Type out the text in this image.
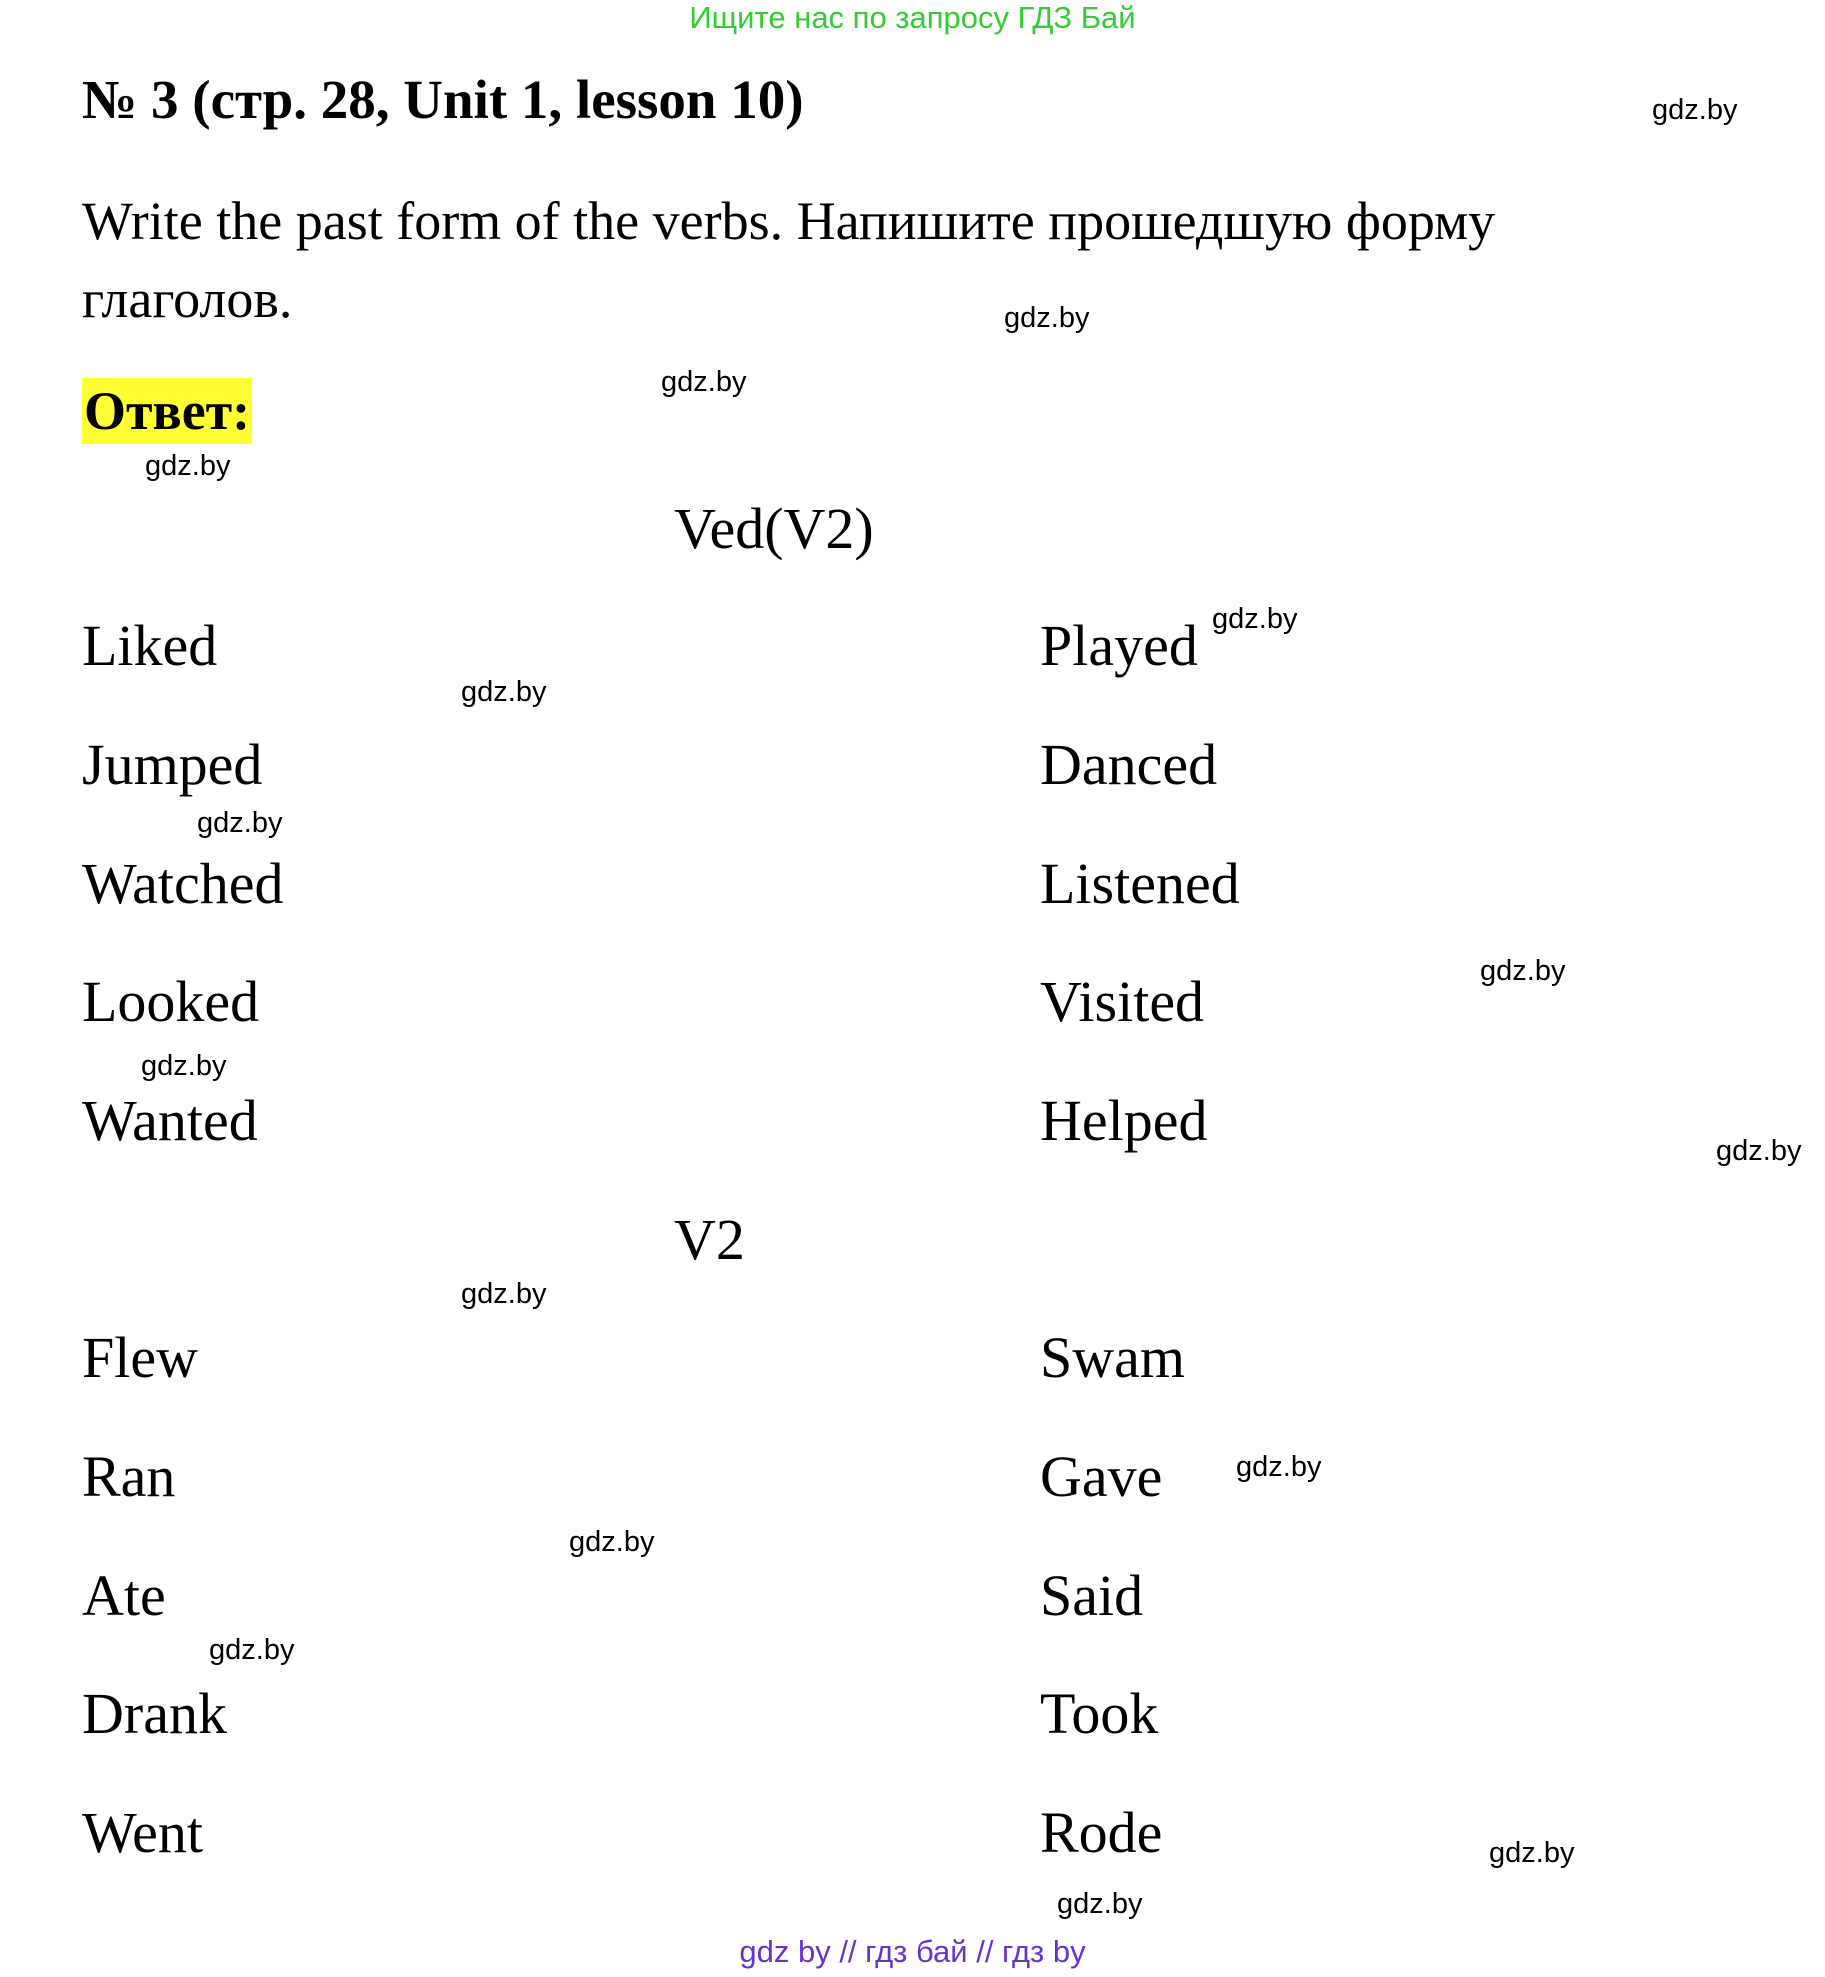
Ищите нас по запросу ГДЗ Бай
№ 3 (стр. 28, Unit 1, lesson 10)
Write the past form of the verbs. Напишите прошедшую форму глаголов.
Ответ:
Ved(V2)
Liked
Jumped
Watched
Looked
Wanted
Played
Danced
Listened
Visited
Helped
V2
Flew
Ran
Ate
Drank
Went
Swam
Gave
Said
Took
Rode
gdz.by
gdz.by
gdz.by
gdz.by
gdz.by
gdz.by
gdz.by
gdz.by
gdz.by
gdz.by
gdz.by
gdz.by
gdz.by
gdz.by
gdz.by
gdz.by
gdz by // гдз бай // гдз by
